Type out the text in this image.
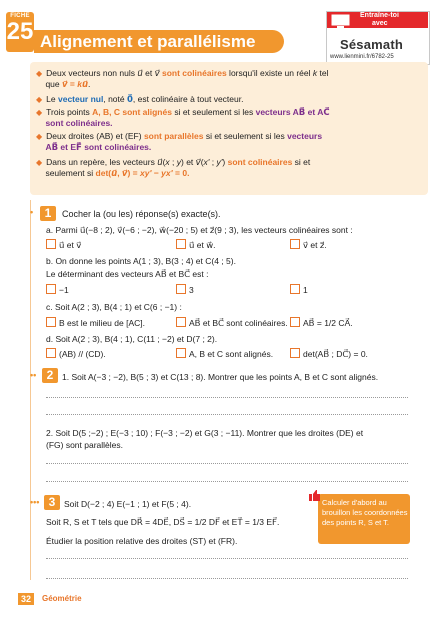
FICHE
25 Alignement et parallélisme
Entraîne-toi
avec
Sésamath
www.lienmini.fr/6782-25
◆ Deux vecteurs non nuls u⃗ et v⃗ sont colinéaires lorsqu'il existe un réel k tel
que v⃗ = ku⃗.
◆ Le vecteur nul, noté 0⃗, est colinéaire à tout vecteur.
◆ Trois points A, B, C sont alignés si et seulement si les vecteurs AB⃗ et AC⃗
sont colinéaires.
◆ Deux droites (AB) et (EF) sont parallèles si et seulement si les vecteurs
AB⃗ et EF⃗ sont colinéaires.
◆ Dans un repère, les vecteurs u⃗(x ; y) et v⃗(x' ; y') sont colinéaires si et
seulement si det(u⃗, v⃗) = xy' − yx' = 0.
• 1	Cocher la (ou les) réponse(s) exacte(s).
a. Parmi u⃗(−8 ; 2), v⃗(−6 ; −2), w⃗(−20 ; 5) et z⃗(9 ; 3), les vecteurs colinéaires sont :
u⃗ et v⃗	u⃗ et w⃗.	v⃗ et z⃗.
b. On donne les points A(1 ; 3), B(3 ; 4) et C(4 ; 5).
Le déterminant des vecteurs AB⃗ et BC⃗ est :
−1	3	1
c. Soit A(2 ; 3), B(4 ; 1) et C(6 ; −1) :
B est le milieu de [AC].	AB⃗ et BC⃗ sont colinéaires.	AB⃗ = 1/2 CA⃗.
d. Soit A(2 ; 3), B(4 ; 1), C(11 ; −2) et D(7 ; 2).
(AB) // (CD).	A, B et C sont alignés.	det(AB⃗ ; DC⃗) = 0.
•• 2	1. Soit A(−3 ; −2), B(5 ; 3) et C(13 ; 8). Montrer que les points A, B et C sont alignés.
2. Soit D(5 ;−2) ; E(−3 ; 10) ; F(−3 ; −2) et G(3 ; −11). Montrer que les droites (DE) et
(FG) sont parallèles.
••• 3	Soit D(−2 ; 4) E(−1 ; 1) et F(5 ; 4).
Soit R, S et T tels que DR⃗ = 4DE⃗, DS⃗ = 1/2 DF⃗ et ET⃗ = 1/3 EF⃗.
Étudier la position relative des droites (ST) et (FR).
Calculer d'abord au brouillon les coordonnées des points R, S et T.
32	Géométrie
